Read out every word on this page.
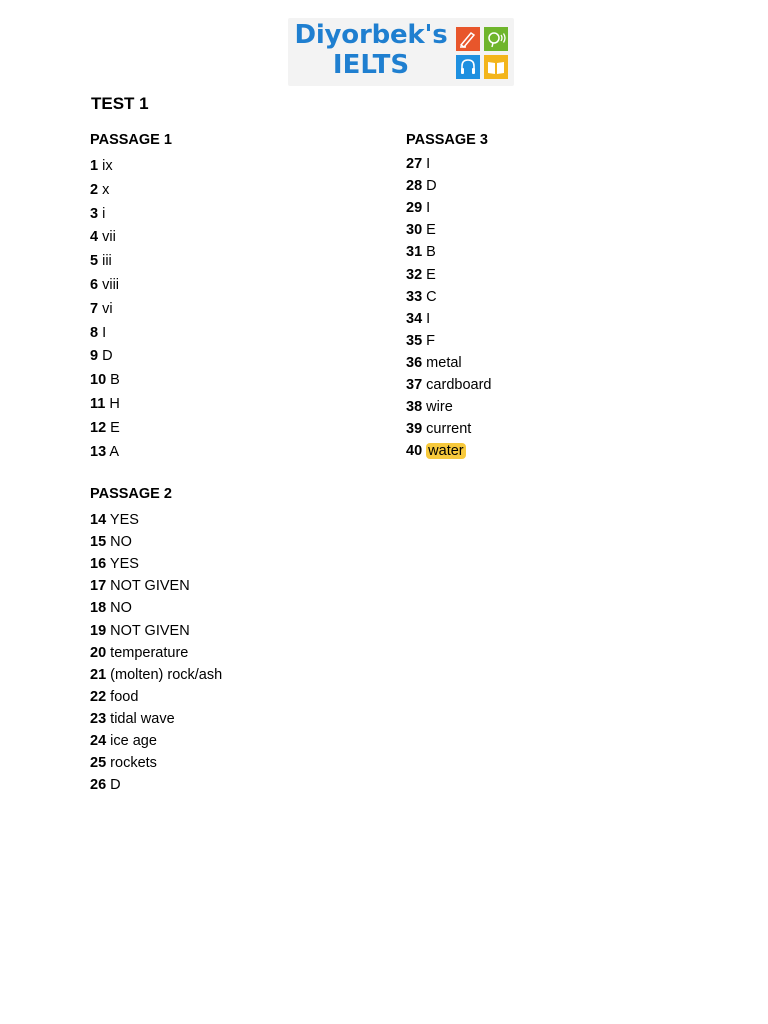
Diyorbek's
IELTS
TEST 1
PASSAGE 1
1 ix
2 x
3 i
4 vii
5 iii
6 viii
7 vi
8 I
9 D
10 B
11 H
12 E
13 A
PASSAGE 2
14 YES
15 NO
16 YES
17 NOT GIVEN
18 NO
19 NOT GIVEN
20 temperature
21 (molten) rock/ash
22 food
23 tidal wave
24 ice age
25 rockets
26 D
PASSAGE 3
27 I
28 D
29 I
30 E
31 B
32 E
33 C
34 I
35 F
36 metal
37 cardboard
38 wire
39 current
40 water
